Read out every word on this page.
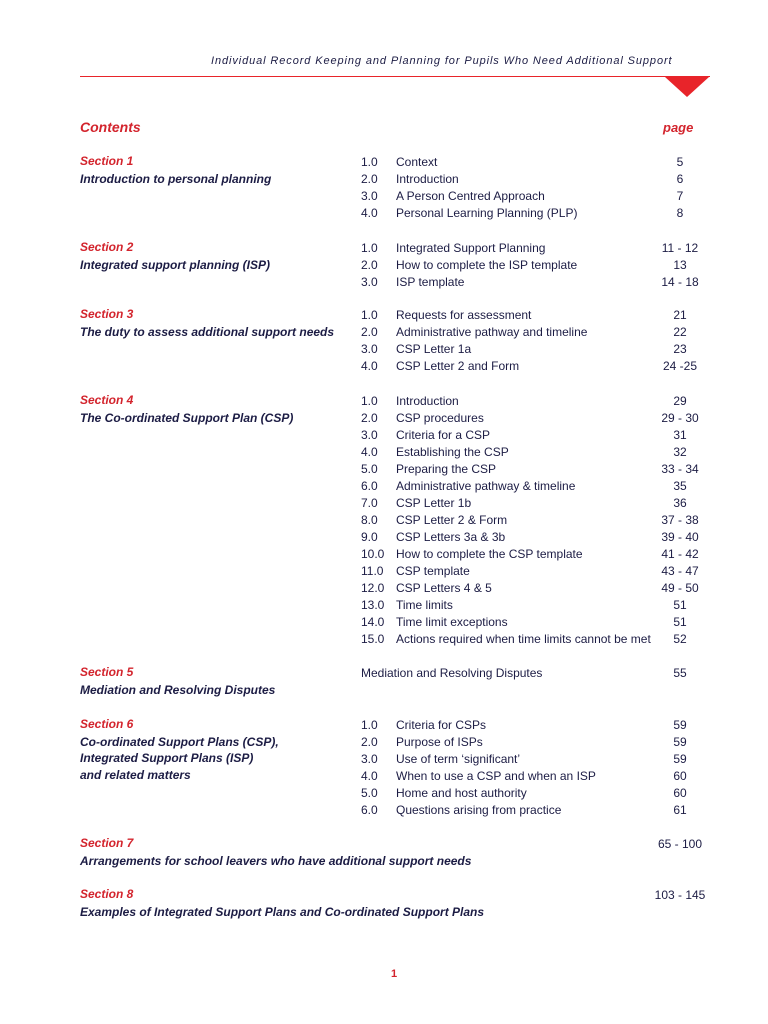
Individual Record Keeping and Planning for Pupils Who Need Additional Support
Contents	page
Section 1
Introduction to personal planning
1.0 Context	5
2.0 Introduction	6
3.0 A Person Centred Approach	7
4.0 Personal Learning Planning (PLP)	8
Section 2
Integrated support planning (ISP)
1.0 Integrated Support Planning	11 - 12
2.0 How to complete the ISP template	13
3.0 ISP template	14 - 18
Section 3
The duty to assess additional support needs
1.0 Requests for assessment	21
2.0 Administrative pathway and timeline	22
3.0 CSP Letter 1a	23
4.0 CSP Letter 2 and Form	24 -25
Section 4
The Co-ordinated Support Plan (CSP)
1.0 Introduction	29
2.0 CSP procedures	29 - 30
3.0 Criteria for a CSP	31
4.0 Establishing the CSP	32
5.0 Preparing the CSP	33 - 34
6.0 Administrative pathway & timeline	35
7.0 CSP Letter 1b	36
8.0 CSP Letter 2 & Form	37 - 38
9.0 CSP Letters 3a & 3b	39 - 40
10.0 How to complete the CSP template	41 - 42
11.0 CSP template	43 - 47
12.0 CSP Letters 4 & 5	49 - 50
13.0 Time limits	51
14.0 Time limit exceptions	51
15.0 Actions required when time limits cannot be met	52
Section 5
Mediation and Resolving Disputes
Mediation and Resolving Disputes	55
Section 6
Co-ordinated Support Plans (CSP),
Integrated Support Plans (ISP)
and related matters
1.0 Criteria for CSPs	59
2.0 Purpose of ISPs	59
3.0 Use of term ‘significant’	59
4.0 When to use a CSP and when an ISP	60
5.0 Home and host authority	60
6.0 Questions arising from practice	61
Section 7	65 - 100
Arrangements for school leavers who have additional support needs
Section 8	103 - 145
Examples of Integrated Support Plans and Co-ordinated Support Plans
1
